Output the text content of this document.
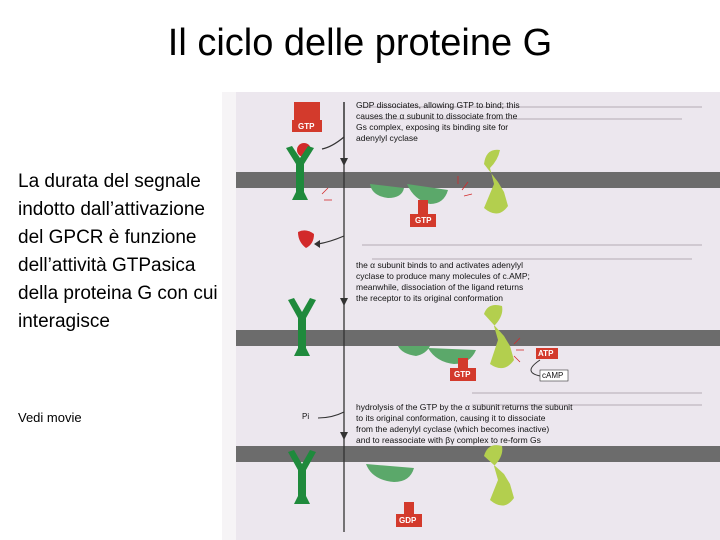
Il ciclo delle proteine G
La durata del segnale indotto dall’attivazione del GPCR è funzione dell’attività GTPasica della proteina G con cui interagisce
Vedi movie
GTP
GTP
GDP dissociates, allowing GTP to bind; this
causes the α subunit to dissociate from the
Gs complex, exposing its binding site for
adenylyl cyclase
the α subunit binds to and activates adenylyl
cyclase to produce many molecules of c.AMP;
meanwhile, dissociation of the ligand returns
the receptor to its original conformation
GTP
ATP
cAMP
Pi
hydrolysis of the GTP by the α subunit returns the subunit
to its original conformation, causing it to dissociate
from the adenylyl cyclase (which becomes inactive)
and to reassociate with βγ complex to re-form Gs
GDP
